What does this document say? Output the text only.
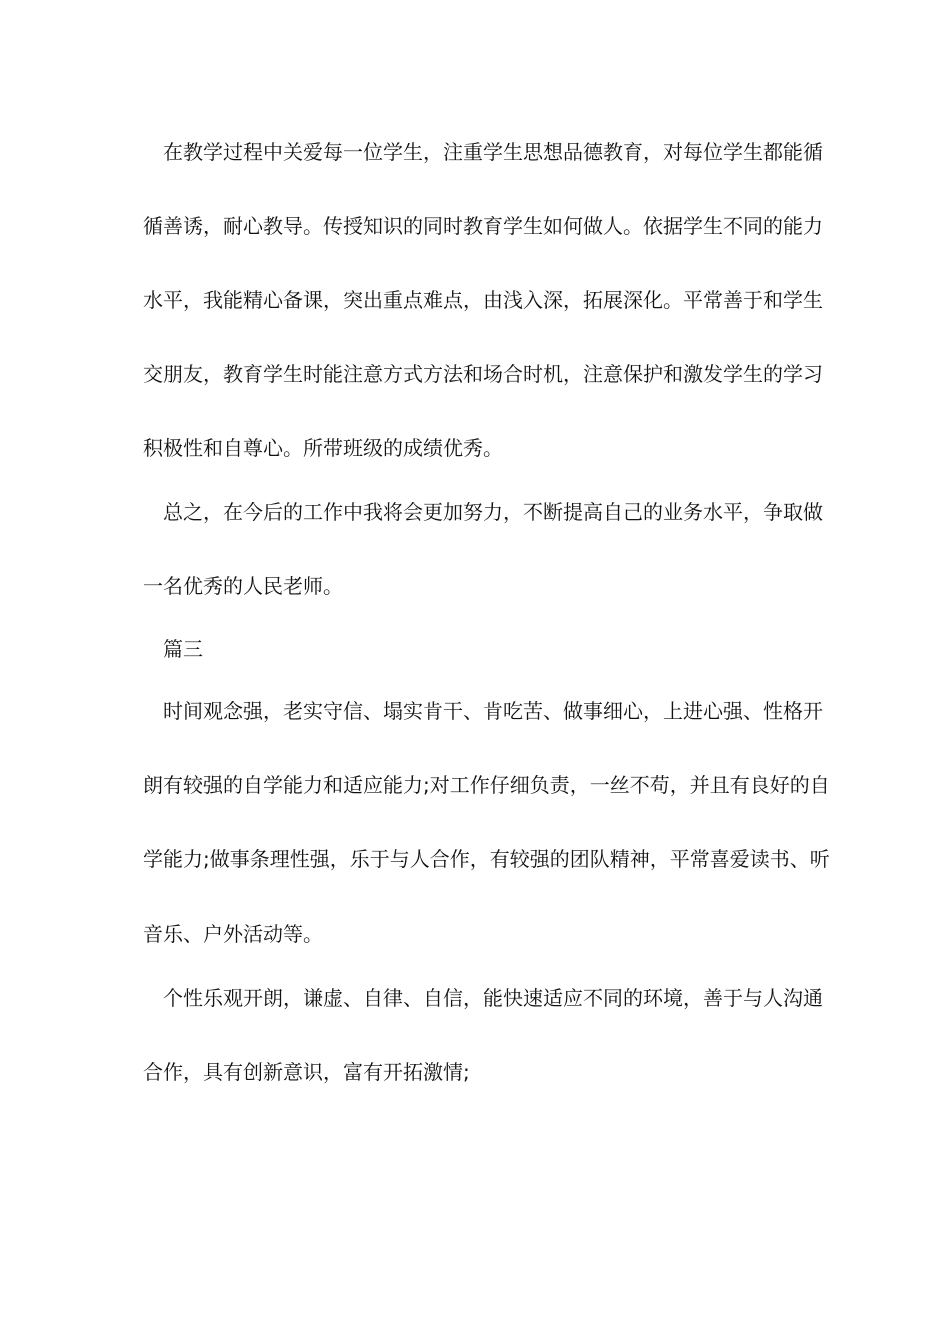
在教学过程中关爱每一位学生，注重学生思想品德教育，对每位学生都能循
循善诱，耐心教导。传授知识的同时教育学生如何做人。依据学生不同的能力
水平，我能精心备课，突出重点难点，由浅入深，拓展深化。平常善于和学生
交朋友，教育学生时能注意方式方法和场合时机，注意保护和激发学生的学习
积极性和自尊心。所带班级的成绩优秀。
总之，在今后的工作中我将会更加努力，不断提高自己的业务水平，争取做
一名优秀的人民老师。
篇三
时间观念强，老实守信、塌实肯干、肯吃苦、做事细心，上进心强、性格开
朗有较强的自学能力和适应能力;对工作仔细负责，一丝不苟，并且有良好的自
学能力;做事条理性强，乐于与人合作，有较强的团队精神，平常喜爱读书、听
音乐、户外活动等。
个性乐观开朗，谦虚、自律、自信，能快速适应不同的环境，善于与人沟通
合作，具有创新意识，富有开拓激情;
